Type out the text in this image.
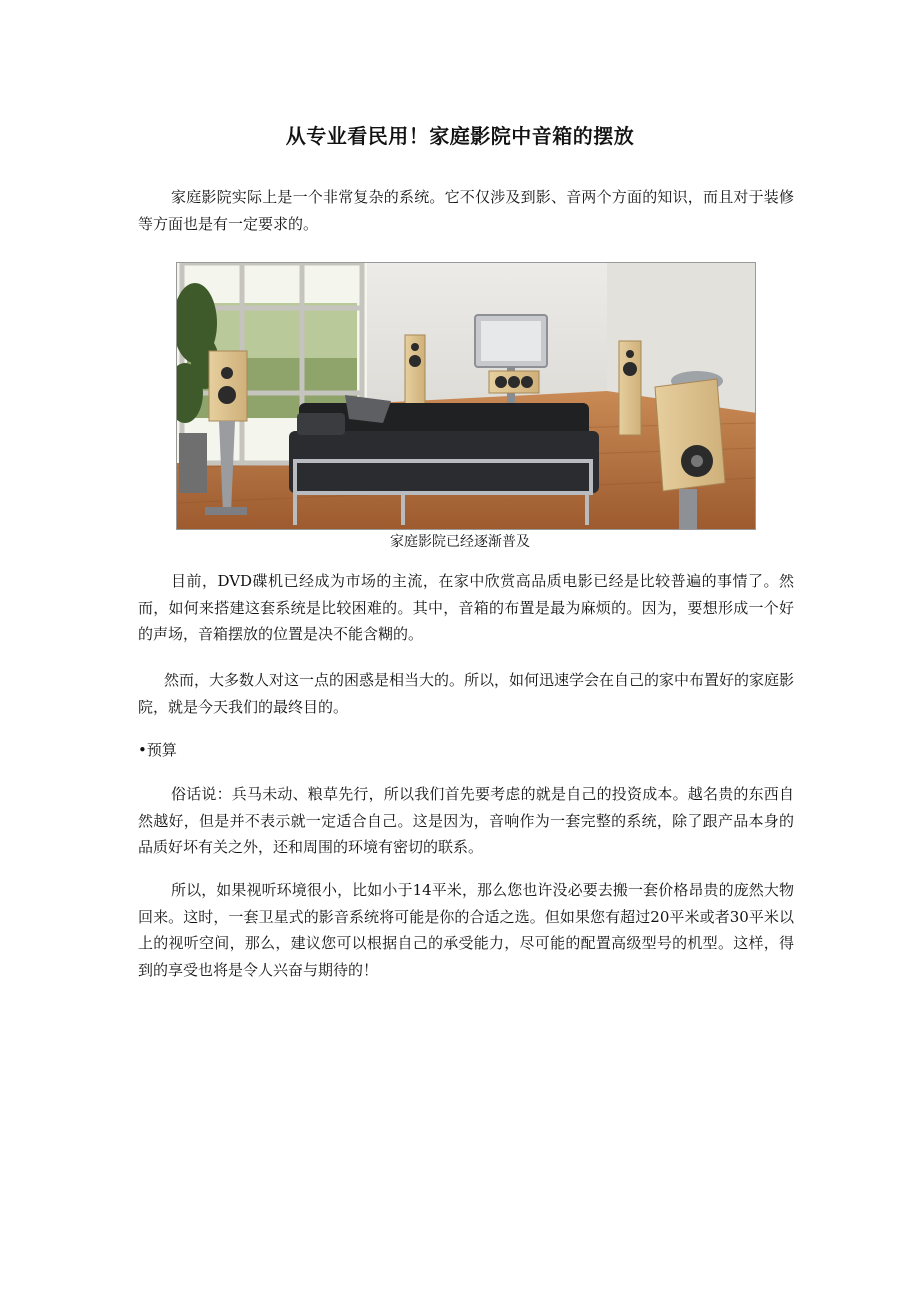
从专业看民用！家庭影院中音箱的摆放
家庭影院实际上是一个非常复杂的系统。它不仅涉及到影、音两个方面的知识，而且对于装修等方面也是有一定要求的。
家庭影院已经逐渐普及
目前，DVD碟机已经成为市场的主流，在家中欣赏高品质电影已经是比较普遍的事情了。然而，如何来搭建这套系统是比较困难的。其中，音箱的布置是最为麻烦的。因为，要想形成一个好的声场，音箱摆放的位置是决不能含糊的。
然而，大多数人对这一点的困惑是相当大的。所以，如何迅速学会在自己的家中布置好的家庭影院，就是今天我们的最终目的。
•预算
俗话说：兵马未动、粮草先行，所以我们首先要考虑的就是自己的投资成本。越名贵的东西自然越好，但是并不表示就一定适合自己。这是因为，音响作为一套完整的系统，除了跟产品本身的品质好坏有关之外，还和周围的环境有密切的联系。
所以，如果视听环境很小，比如小于14平米，那么您也许没必要去搬一套价格昂贵的庞然大物回来。这时，一套卫星式的影音系统将可能是你的合适之选。但如果您有超过20平米或者30平米以上的视听空间，那么，建议您可以根据自己的承受能力，尽可能的配置高级型号的机型。这样，得到的享受也将是令人兴奋与期待的！
